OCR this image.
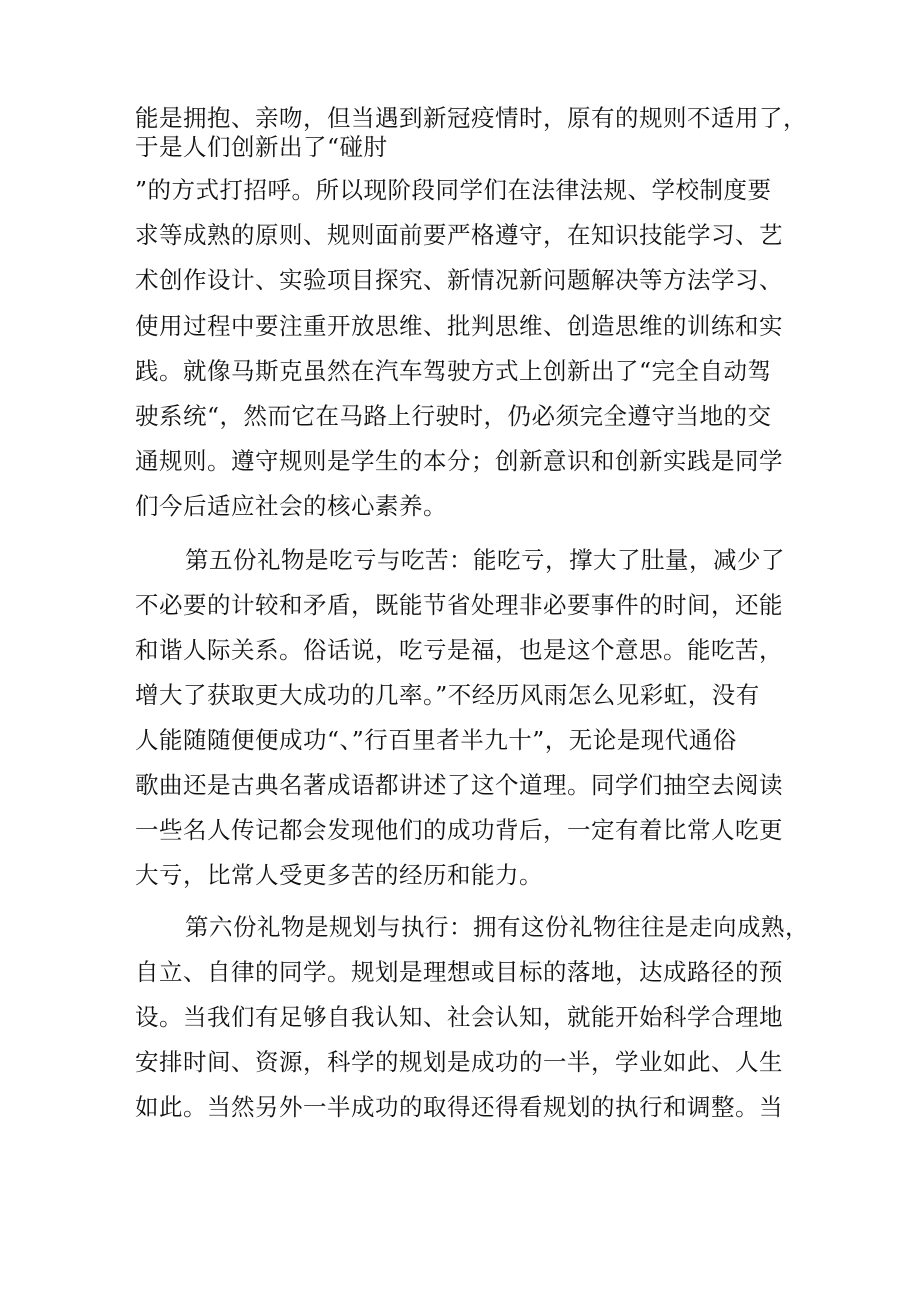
能是拥抱、亲吻，但当遇到新冠疫情时，原有的规则不适用了，
于是人们创新出了“碰肘
”的方式打招呼。所以现阶段同学们在法律法规、学校制度要
求等成熟的原则、规则面前要严格遵守，在知识技能学习、艺
术创作设计、实验项目探究、新情况新问题解决等方法学习、
使用过程中要注重开放思维、批判思维、创造思维的训练和实
践。就像马斯克虽然在汽车驾驶方式上创新出了“完全自动驾
驶系统“，然而它在马路上行驶时，仍必须完全遵守当地的交
通规则。遵守规则是学生的本分；创新意识和创新实践是同学
们今后适应社会的核心素养。
第五份礼物是吃亏与吃苦：能吃亏，撑大了肚量，减少了
不必要的计较和矛盾，既能节省处理非必要事件的时间，还能
和谐人际关系。俗话说，吃亏是福，也是这个意思。能吃苦，
增大了获取更大成功的几率。”不经历风雨怎么见彩虹，没有
人能随随便便成功“、”行百里者半九十”，无论是现代通俗
歌曲还是古典名著成语都讲述了这个道理。同学们抽空去阅读
一些名人传记都会发现他们的成功背后，一定有着比常人吃更
大亏，比常人受更多苦的经历和能力。
第六份礼物是规划与执行：拥有这份礼物往往是走向成熟，
自立、自律的同学。规划是理想或目标的落地，达成路径的预
设。当我们有足够自我认知、社会认知，就能开始科学合理地
安排时间、资源，科学的规划是成功的一半，学业如此、人生
如此。当然另外一半成功的取得还得看规划的执行和调整。当
